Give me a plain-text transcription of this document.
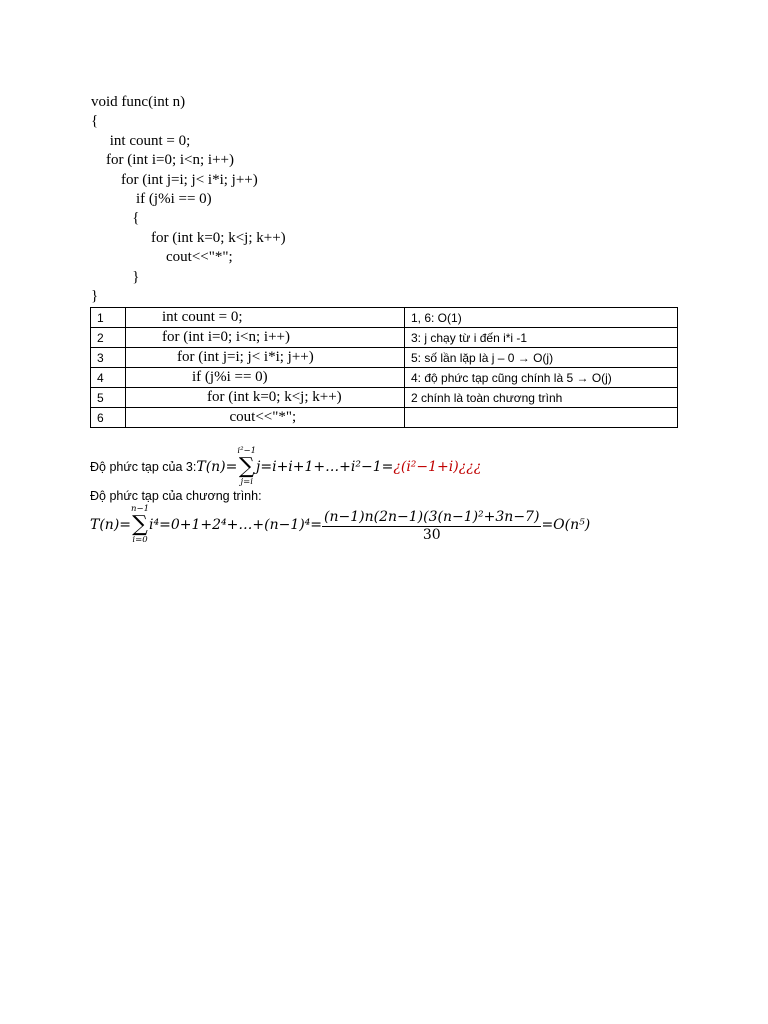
void func(int n)
{
int count = 0;
for (int i=0; i<n; i++)
for (int j=i; j< i*i; j++)
if (j%i == 0)
{
for (int k=0; k<j; k++)
cout<<"*";
}
}
1	int count = 0;	1, 6: O(1)
2	for (int i=0; i<n; i++)	3: j chạy từ i đến i*i -1
3	for (int j=i; j< i*i; j++)	5: số lần lặp là j – 0 → O(j)
4	if (j%i == 0)	4: độ phức tạp cũng chính là 5 → O(j)
5	for (int k=0; k<j; k++)	2 chính là toàn chương trình
6	cout<<"*";	
Độ phức tạp của 3: T(n)=
i²−1
∑
j=i
j=i+i+1+…+i²−1= ¿(i²−1+i)¿¿¿
Độ phức tạp của chương trình:
T(n)=
n−1
∑
i=0
i⁴=0+1+2⁴+…+(n−1)⁴= $\frac{\text{(n−1)n(2n−1)(3(n−1)²+3n−7)}}{30} =O(n^5)$
